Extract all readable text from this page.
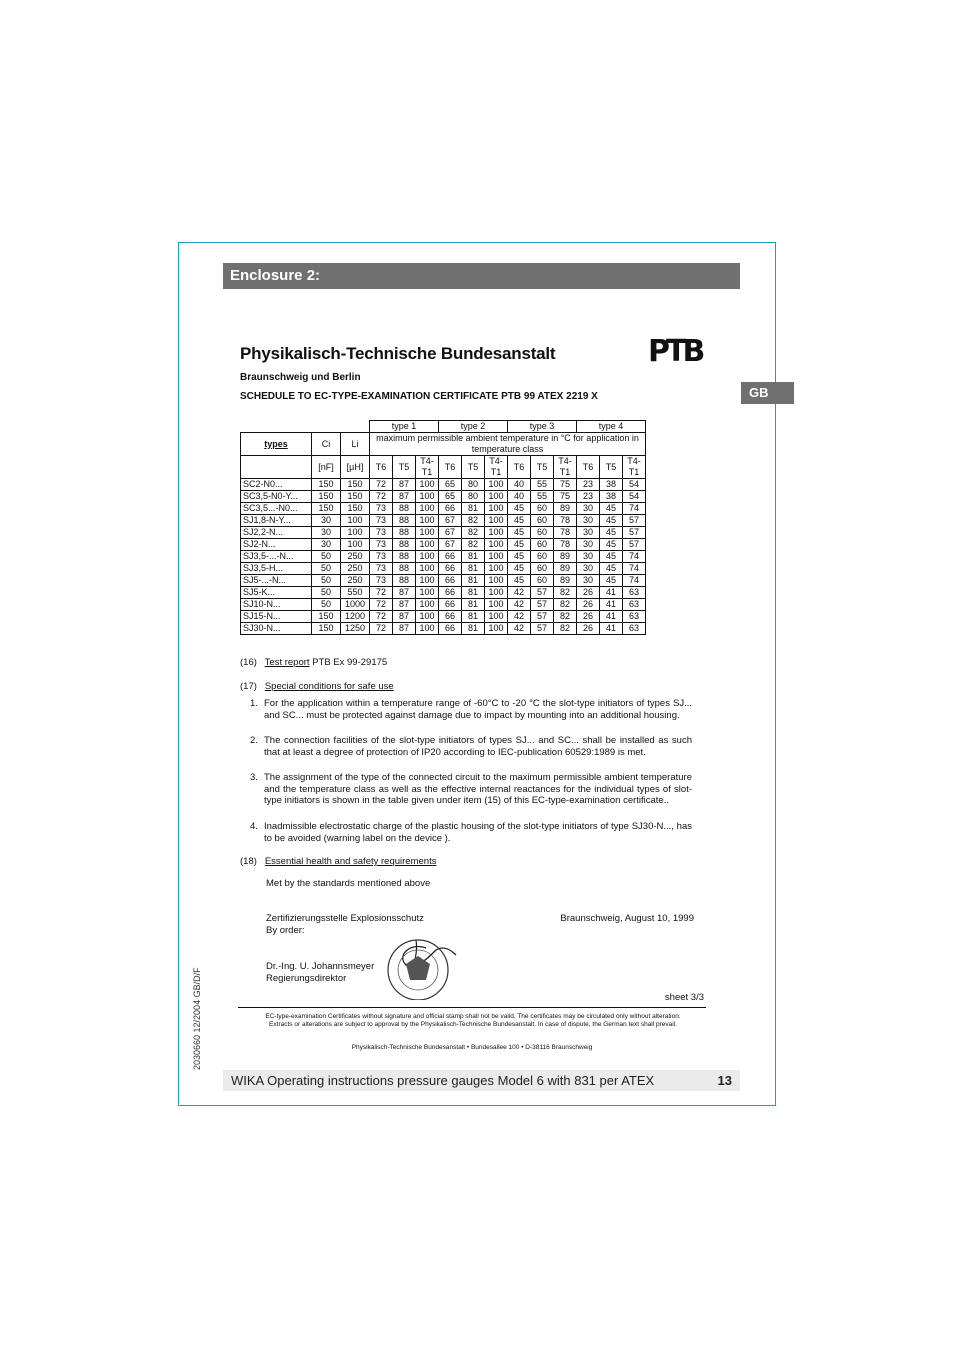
Enclosure 2:
GB
2030660 12/2004 GB/D/F
Physikalisch-Technische Bundesanstalt	PTB
Braunschweig und Berlin
SCHEDULE TO EC-TYPE-EXAMINATION CERTIFICATE PTB 99 ATEX 2219 X
			type 1			type 2			type 3			type 4		
types	Ci	Li	maximum permissible ambient temperature in °C for application in temperature class											
	[nF]	[µH]	T6	T5	T4-T1	T6	T5	T4-T1	T6	T5	T4-T1	T6	T5	T4-T1
SC2-N0...	150	150	72	87	100	65	80	100	40	55	75	23	38	54
SC3,5-N0-Y...	150	150	72	87	100	65	80	100	40	55	75	23	38	54
SC3,5...-N0...	150	150	73	88	100	66	81	100	45	60	89	30	45	74
SJ1,8-N-Y...	30	100	73	88	100	67	82	100	45	60	78	30	45	57
SJ2,2-N...	30	100	73	88	100	67	82	100	45	60	78	30	45	57
SJ2-N...	30	100	73	88	100	67	82	100	45	60	78	30	45	57
SJ3,5-...-N...	50	250	73	88	100	66	81	100	45	60	89	30	45	74
SJ3,5-H...	50	250	73	88	100	66	81	100	45	60	89	30	45	74
SJ5-...-N...	50	250	73	88	100	66	81	100	45	60	89	30	45	74
SJ5-K...	50	550	72	87	100	66	81	100	42	57	82	26	41	63
SJ10-N...	50	1000	72	87	100	66	81	100	42	57	82	26	41	63
SJ15-N...	150	1200	72	87	100	66	81	100	42	57	82	26	41	63
SJ30-N...	150	1250	72	87	100	66	81	100	42	57	82	26	41	63
(16) Test report PTB Ex 99-29175
(17) Special conditions for safe use
1. For the application within a temperature range of -60°C to -20 °C the slot-type initiators of types SJ... and SC... must be protected against damage due to impact by mounting into an additional housing.
2. The connection facilities of the slot-type initiators of types SJ... and SC... shall be installed as such that at least a degree of protection of IP20 according to IEC-publication 60529:1989 is met.
3. The assignment of the type of the connected circuit to the maximum permissible ambient temperature and the temperature class as well as the effective internal reactances for the individual types of slot-type initiators is shown in the table given under item (15) of this EC-type-examination certificate..
4. Inadmissible electrostatic charge of the plastic housing of the slot-type initiators of type SJ30-N..., has to be avoided (warning label on the device ).
(18) Essential health and safety requirements
Met by the standards mentioned above
Zertifizierungsstelle Explosionsschutz
By order:
Braunschweig, August 10, 1999
Dr.-Ing. U. Johannsmeyer
Regierungsdirektor
sheet 3/3
EC-type-examination Certificates without signature and official stamp shall not be valid. The certificates may be circulated only without alteration. Extracts or alterations are subject to approval by the Physikalisch-Technische Bundesanstalt. In case of dispute, the German text shall prevail.
Physikalisch-Technische Bundesanstalt • Bundesallee 100 • D-38116 Braunschweig
WIKA Operating instructions pressure gauges Model 6 with 831 per ATEX	13
